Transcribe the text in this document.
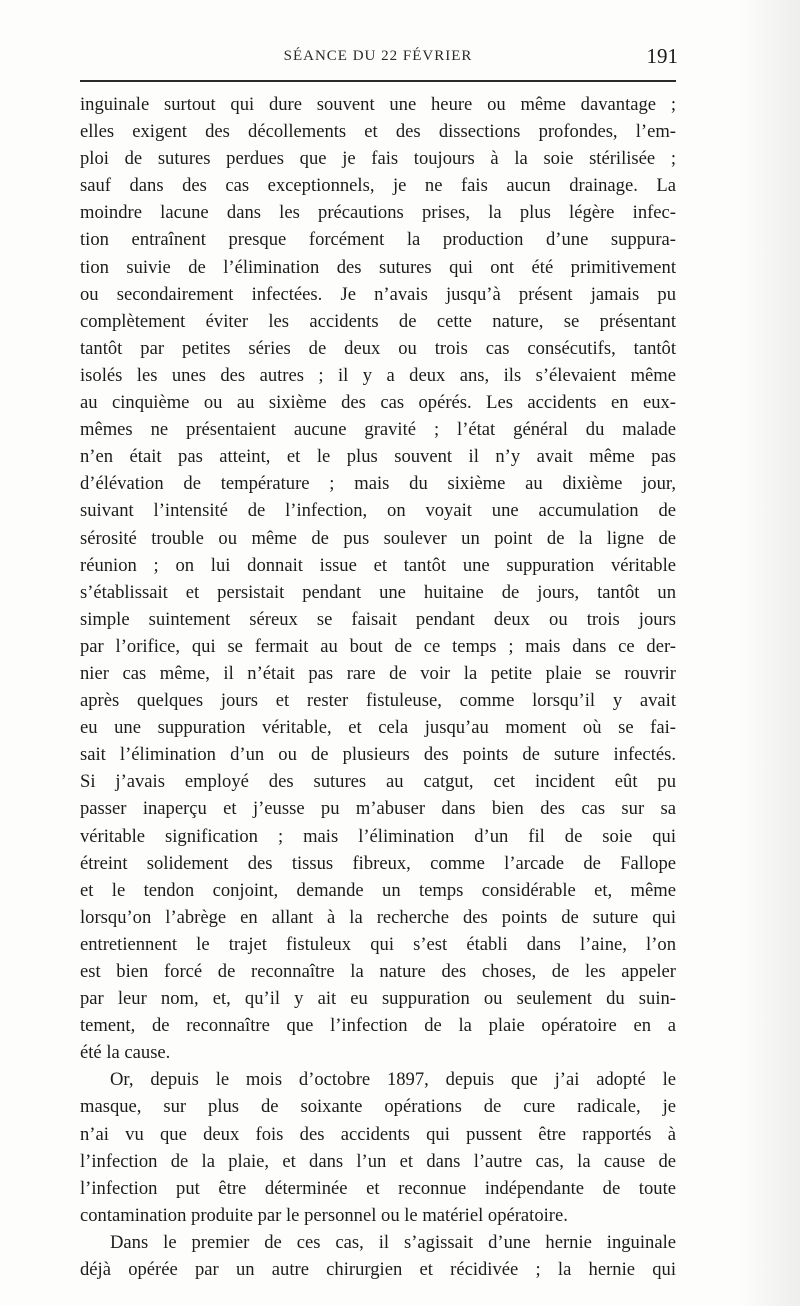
SÉANCE DU 22 FÉVRIER	191
inguinale surtout qui dure souvent une heure ou même davantage ;
elles exigent des décollements et des dissections profondes, l’em-
ploi de sutures perdues que je fais toujours à la soie stérilisée ;
sauf dans des cas exceptionnels, je ne fais aucun drainage. La
moindre lacune dans les précautions prises, la plus légère infec-
tion entraînent presque forcément la production d’une suppura-
tion suivie de l’élimination des sutures qui ont été primitivement
ou secondairement infectées. Je n’avais jusqu’à présent jamais pu
complètement éviter les accidents de cette nature, se présentant
tantôt par petites séries de deux ou trois cas consécutifs, tantôt
isolés les unes des autres ; il y a deux ans, ils s’élevaient même
au cinquième ou au sixième des cas opérés. Les accidents en eux-
mêmes ne présentaient aucune gravité ; l’état général du malade
n’en était pas atteint, et le plus souvent il n’y avait même pas
d’élévation de température ; mais du sixième au dixième jour,
suivant l’intensité de l’infection, on voyait une accumulation de
sérosité trouble ou même de pus soulever un point de la ligne de
réunion ; on lui donnait issue et tantôt une suppuration véritable
s’établissait et persistait pendant une huitaine de jours, tantôt un
simple suintement séreux se faisait pendant deux ou trois jours
par l’orifice, qui se fermait au bout de ce temps ; mais dans ce der-
nier cas même, il n’était pas rare de voir la petite plaie se rouvrir
après quelques jours et rester fistuleuse, comme lorsqu’il y avait
eu une suppuration véritable, et cela jusqu’au moment où se fai-
sait l’élimination d’un ou de plusieurs des points de suture infectés.
Si j’avais employé des sutures au catgut, cet incident eût pu
passer inaperçu et j’eusse pu m’abuser dans bien des cas sur sa
véritable signification ; mais l’élimination d’un fil de soie qui
étreint solidement des tissus fibreux, comme l’arcade de Fallope
et le tendon conjoint, demande un temps considérable et, même
lorsqu’on l’abrège en allant à la recherche des points de suture qui
entretiennent le trajet fistuleux qui s’est établi dans l’aine, l’on
est bien forcé de reconnaître la nature des choses, de les appeler
par leur nom, et, qu’il y ait eu suppuration ou seulement du suin-
tement, de reconnaître que l’infection de la plaie opératoire en a
été la cause.
Or, depuis le mois d’octobre 1897, depuis que j’ai adopté le
masque, sur plus de soixante opérations de cure radicale, je
n’ai vu que deux fois des accidents qui pussent être rapportés à
l’infection de la plaie, et dans l’un et dans l’autre cas, la cause de
l’infection put être déterminée et reconnue indépendante de toute
contamination produite par le personnel ou le matériel opératoire.
Dans le premier de ces cas, il s’agissait d’une hernie inguinale
déjà opérée par un autre chirurgien et récidivée ; la hernie qui
